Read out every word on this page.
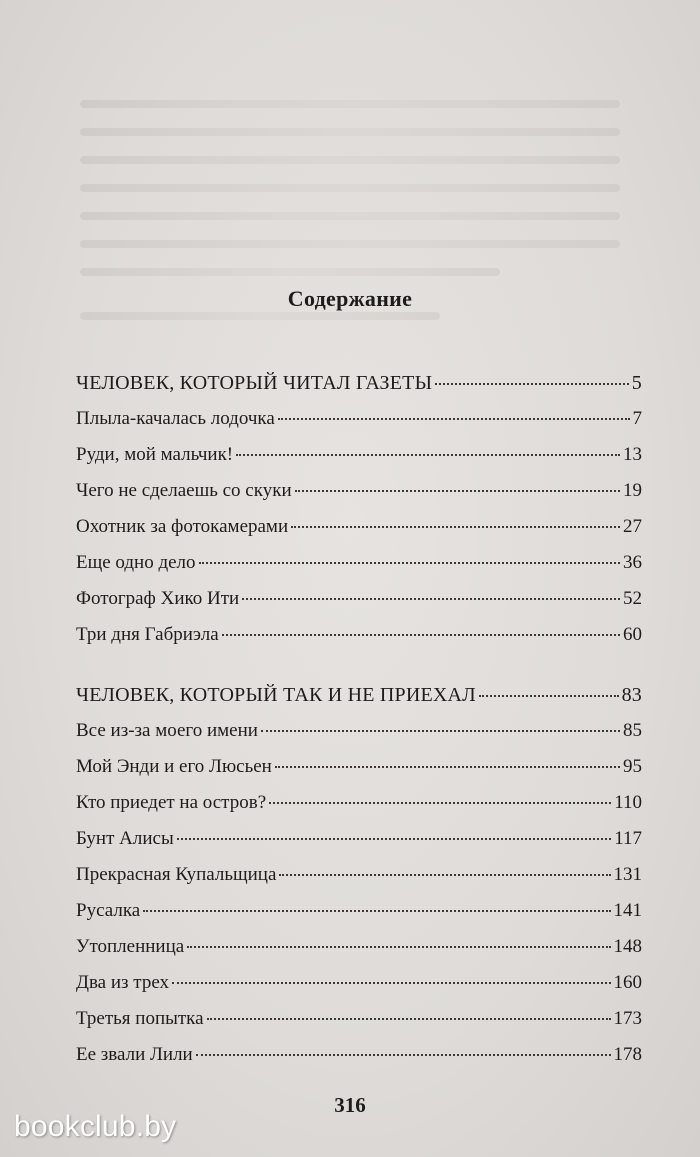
Содержание
ЧЕЛОВЕК, КОТОРЫЙ ЧИТАЛ ГАЗЕТЫ	5
Плыла-качалась лодочка	7
Руди, мой мальчик!	13
Чего не сделаешь со скуки	19
Охотник за фотокамерами	27
Еще одно дело	36
Фотограф Хико Ити	52
Три дня Габриэла	60
ЧЕЛОВЕК, КОТОРЫЙ ТАК И НЕ ПРИЕХАЛ	83
Все из-за моего имени	85
Мой Энди и его Люсьен	95
Кто приедет на остров?	110
Бунт Алисы	117
Прекрасная Купальщица	131
Русалка	141
Утопленница	148
Два из трех	160
Третья попытка	173
Ее звали Лили	178
316
bookclub.by
